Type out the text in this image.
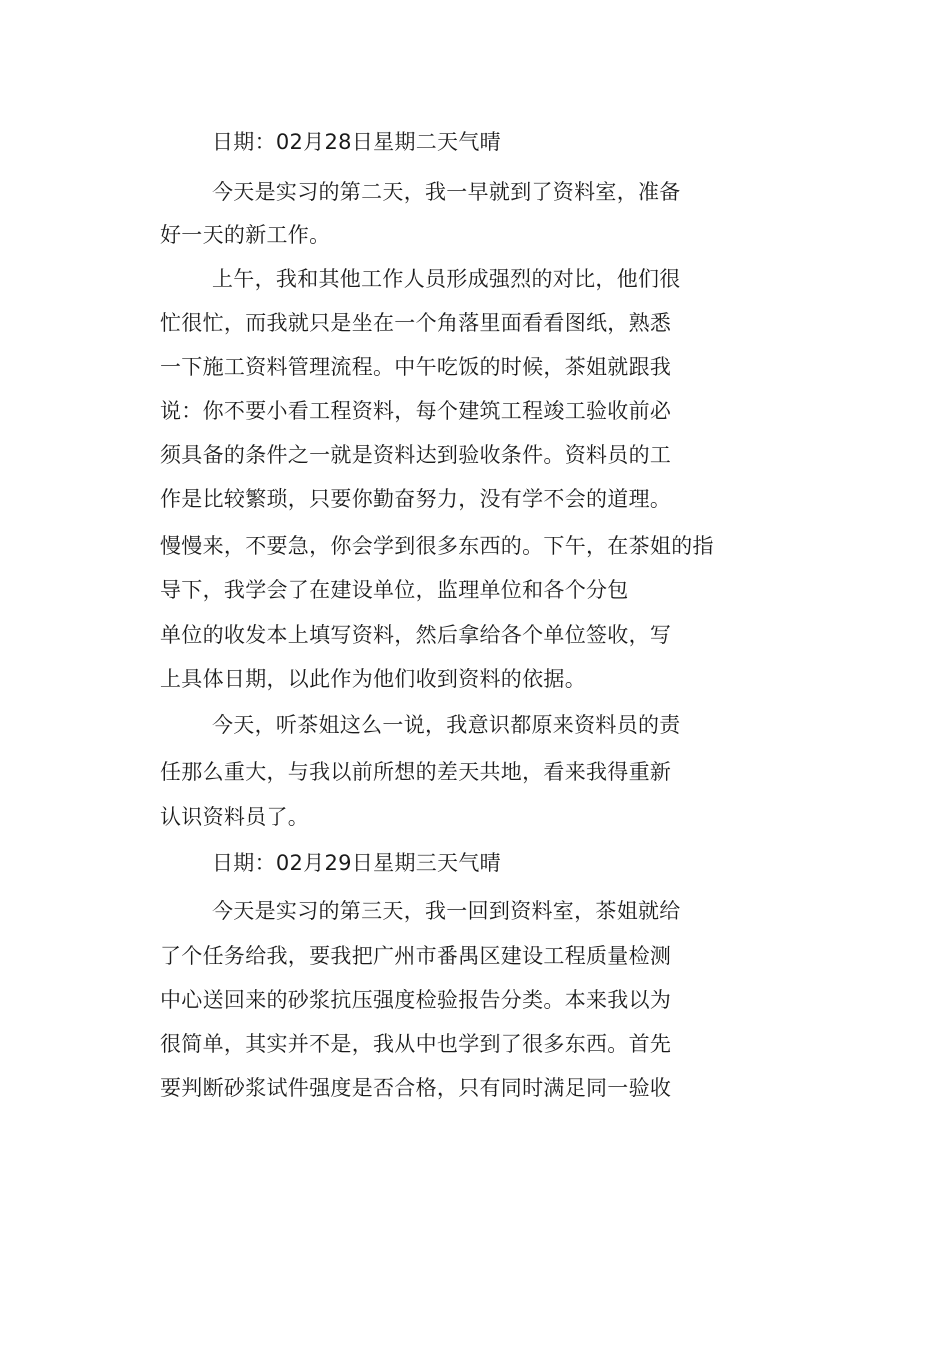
日期：02月28日星期二天气晴
今天是实习的第二天，我一早就到了资料室，准备
好一天的新工作。
上午，我和其他工作人员形成强烈的对比，他们很
忙很忙，而我就只是坐在一个角落里面看看图纸，熟悉
一下施工资料管理流程。中午吃饭的时候，茶姐就跟我
说：你不要小看工程资料，每个建筑工程竣工验收前必
须具备的条件之一就是资料达到验收条件。资料员的工
作是比较繁琐，只要你勤奋努力，没有学不会的道理。
慢慢来，不要急，你会学到很多东西的。下午，在茶姐的指
导下，我学会了在建设单位，监理单位和各个分包
单位的收发本上填写资料，然后拿给各个单位签收，写
上具体日期，以此作为他们收到资料的依据。
今天，听茶姐这么一说，我意识都原来资料员的责
任那么重大，与我以前所想的差天共地，看来我得重新
认识资料员了。
日期：02月29日星期三天气晴
今天是实习的第三天，我一回到资料室，茶姐就给
了个任务给我，要我把广州市番禺区建设工程质量检测
中心送回来的砂浆抗压强度检验报告分类。本来我以为
很简单，其实并不是，我从中也学到了很多东西。首先
要判断砂浆试件强度是否合格，只有同时满足同一验收
